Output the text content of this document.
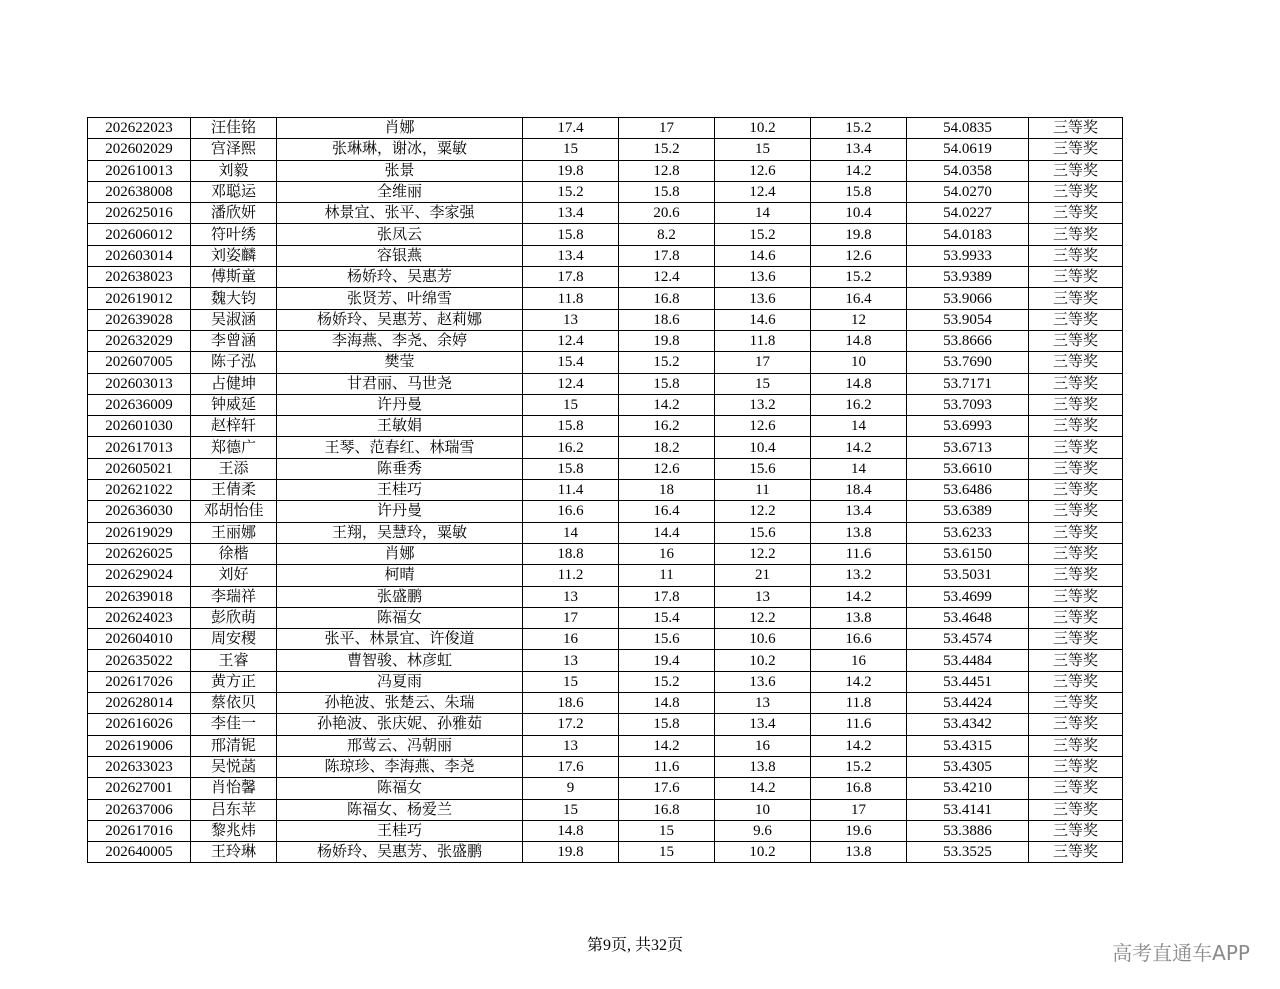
202622023	汪佳铭	肖娜	17.4	17	10.2	15.2	54.0835	三等奖
202602029	宫泽熙	张琳琳，谢冰，粟敏	15	15.2	15	13.4	54.0619	三等奖
202610013	刘毅	张景	19.8	12.8	12.6	14.2	54.0358	三等奖
202638008	邓聪运	全维丽	15.2	15.8	12.4	15.8	54.0270	三等奖
202625016	潘欣妍	林景宜、张平、李家强	13.4	20.6	14	10.4	54.0227	三等奖
202606012	符叶绣	张凤云	15.8	8.2	15.2	19.8	54.0183	三等奖
202603014	刘姿麟	容银燕	13.4	17.8	14.6	12.6	53.9933	三等奖
202638023	傅斯童	杨娇玲、吴惠芳	17.8	12.4	13.6	15.2	53.9389	三等奖
202619012	魏大钧	张贤芳、叶绵雪	11.8	16.8	13.6	16.4	53.9066	三等奖
202639028	吴淑涵	杨娇玲、吴惠芳、赵莉娜	13	18.6	14.6	12	53.9054	三等奖
202632029	李曾涵	李海燕、李尧、余婷	12.4	19.8	11.8	14.8	53.8666	三等奖
202607005	陈子泓	樊莹	15.4	15.2	17	10	53.7690	三等奖
202603013	占健坤	甘君丽、马世尧	12.4	15.8	15	14.8	53.7171	三等奖
202636009	钟威延	许丹曼	15	14.2	13.2	16.2	53.7093	三等奖
202601030	赵梓轩	王敏娟	15.8	16.2	12.6	14	53.6993	三等奖
202617013	郑德广	王琴、范春红、林瑞雪	16.2	18.2	10.4	14.2	53.6713	三等奖
202605021	王添	陈垂秀	15.8	12.6	15.6	14	53.6610	三等奖
202621022	王倩柔	王桂巧	11.4	18	11	18.4	53.6486	三等奖
202636030	邓胡怡佳	许丹曼	16.6	16.4	12.2	13.4	53.6389	三等奖
202619029	王丽娜	王翔，吴慧玲，粟敏	14	14.4	15.6	13.8	53.6233	三等奖
202626025	徐楷	肖娜	18.8	16	12.2	11.6	53.6150	三等奖
202629024	刘好	柯晴	11.2	11	21	13.2	53.5031	三等奖
202639018	李瑞祥	张盛鹏	13	17.8	13	14.2	53.4699	三等奖
202624023	彭欣萌	陈福女	17	15.4	12.2	13.8	53.4648	三等奖
202604010	周安稷	张平、林景宜、许俊道	16	15.6	10.6	16.6	53.4574	三等奖
202635022	王睿	曹智骏、林彦虹	13	19.4	10.2	16	53.4484	三等奖
202617026	黄方正	冯夏雨	15	15.2	13.6	14.2	53.4451	三等奖
202628014	蔡依贝	孙艳波、张楚云、朱瑞	18.6	14.8	13	11.8	53.4424	三等奖
202616026	李佳一	孙艳波、张庆妮、孙雅茹	17.2	15.8	13.4	11.6	53.4342	三等奖
202619006	邢清铌	邢莺云、冯朝丽	13	14.2	16	14.2	53.4315	三等奖
202633023	吴悦菡	陈琼珍、李海燕、李尧	17.6	11.6	13.8	15.2	53.4305	三等奖
202627001	肖怡馨	陈福女	9	17.6	14.2	16.8	53.4210	三等奖
202637006	吕东苹	陈福女、杨爱兰	15	16.8	10	17	53.4141	三等奖
202617016	黎兆炜	王桂巧	14.8	15	9.6	19.6	53.3886	三等奖
202640005	王玲琳	杨娇玲、吴惠芳、张盛鹏	19.8	15	10.2	13.8	53.3525	三等奖
第9页, 共32页	高考直通车APP
